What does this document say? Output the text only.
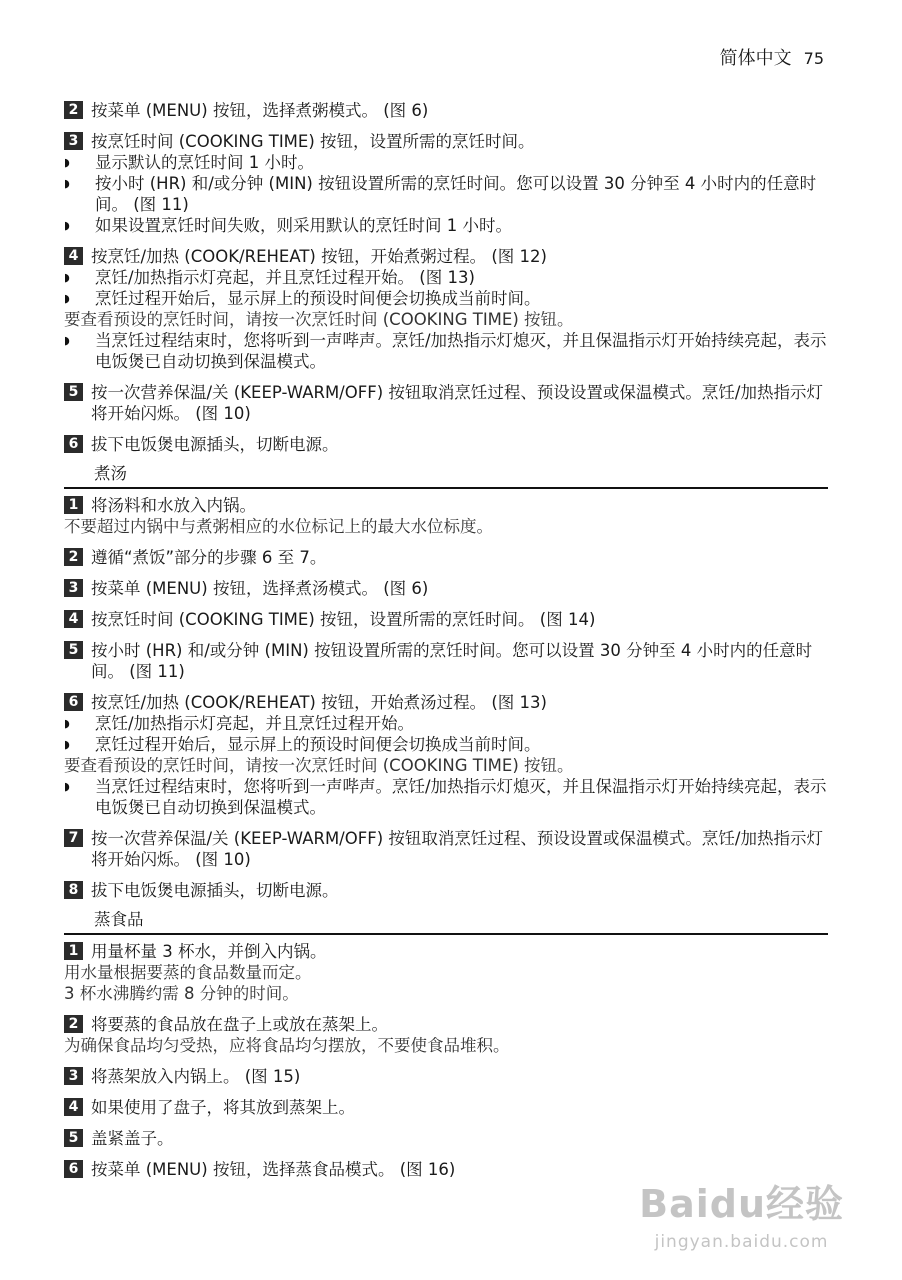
简体中文 75
2 按菜单 (MENU) 按钮，选择煮粥模式。 (图 6)
3 按烹饪时间 (COOKING TIME) 按钮，设置所需的烹饪时间。
◗	显示默认的烹饪时间 1 小时。
◗	按小时 (HR) 和/或分钟 (MIN) 按钮设置所需的烹饪时间。您可以设置 30 分钟至 4 小时内的任意时间。 (图 11)
◗	如果设置烹饪时间失败，则采用默认的烹饪时间 1 小时。
4 按烹饪/加热 (COOK/REHEAT) 按钮，开始煮粥过程。 (图 12)
◗	烹饪/加热指示灯亮起，并且烹饪过程开始。 (图 13)
◗	烹饪过程开始后，显示屏上的预设时间便会切换成当前时间。
要查看预设的烹饪时间，请按一次烹饪时间 (COOKING TIME) 按钮。
◗	当烹饪过程结束时，您将听到一声哔声。烹饪/加热指示灯熄灭，并且保温指示灯开始持续亮起，表示电饭煲已自动切换到保温模式。
5 按一次营养保温/关 (KEEP-WARM/OFF) 按钮取消烹饪过程、预设设置或保温模式。烹饪/加热指示灯将开始闪烁。 (图 10)
6 拔下电饭煲电源插头，切断电源。
煮汤
1 将汤料和水放入内锅。
不要超过内锅中与煮粥相应的水位标记上的最大水位标度。
2 遵循“煮饭”部分的步骤 6 至 7。
3 按菜单 (MENU) 按钮，选择煮汤模式。 (图 6)
4 按烹饪时间 (COOKING TIME) 按钮，设置所需的烹饪时间。 (图 14)
5 按小时 (HR) 和/或分钟 (MIN) 按钮设置所需的烹饪时间。您可以设置 30 分钟至 4 小时内的任意时间。 (图 11)
6 按烹饪/加热 (COOK/REHEAT) 按钮，开始煮汤过程。 (图 13)
◗	烹饪/加热指示灯亮起，并且烹饪过程开始。
◗	烹饪过程开始后，显示屏上的预设时间便会切换成当前时间。
要查看预设的烹饪时间，请按一次烹饪时间 (COOKING TIME) 按钮。
◗	当烹饪过程结束时，您将听到一声哔声。烹饪/加热指示灯熄灭，并且保温指示灯开始持续亮起，表示电饭煲已自动切换到保温模式。
7 按一次营养保温/关 (KEEP-WARM/OFF) 按钮取消烹饪过程、预设设置或保温模式。烹饪/加热指示灯将开始闪烁。 (图 10)
8 拔下电饭煲电源插头，切断电源。
蒸食品
1 用量杯量 3 杯水，并倒入内锅。
用水量根据要蒸的食品数量而定。
3 杯水沸腾约需 8 分钟的时间。
2 将要蒸的食品放在盘子上或放在蒸架上。
为确保食品均匀受热，应将食品均匀摆放，不要使食品堆积。
3 将蒸架放入内锅上。 (图 15)
4 如果使用了盘子，将其放到蒸架上。
5 盖紧盖子。
6 按菜单 (MENU) 按钮，选择蒸食品模式。 (图 16)
Baidu经验
jingyan.baidu.com
